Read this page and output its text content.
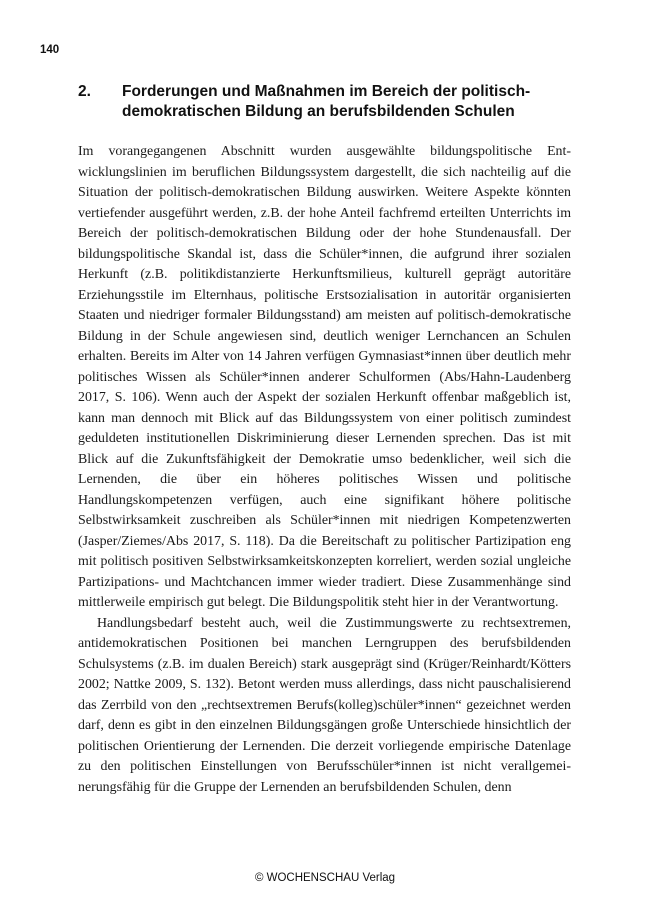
140
2. Forderungen und Maßnahmen im Bereich der politisch-demokratischen Bildung an berufsbildenden Schulen

Im vorangegangenen Abschnitt wurden ausgewählte bildungspolitische Entwicklungslinien im beruflichen Bildungssystem dargestellt, die sich nachteilig auf die Situation der politisch-demokratischen Bildung auswirken. Weitere Aspekte könnten vertiefender ausgeführt werden, z.B. der hohe Anteil fachfremd erteilten Unterrichts im Bereich der politisch-demokratischen Bildung oder der hohe Stundenausfall. Der bildungspolitische Skandal ist, dass die Schüler*innen, die aufgrund ihrer sozialen Herkunft (z.B. politikdistanzierte Herkunftsmilieus, kulturell geprägt autoritäre Erziehungsstile im Elternhaus, politische Erstsozialisation in autoritär organisierten Staaten und niedriger formaler Bildungsstand) am meisten auf politisch-demokratische Bildung in der Schule angewiesen sind, deutlich weniger Lernchancen an Schulen erhalten. Bereits im Alter von 14 Jahren verfügen Gymnasiast*innen über deutlich mehr politisches Wissen als Schüler*innen anderer Schulformen (Abs/Hahn-Laudenberg 2017, S. 106). Wenn auch der Aspekt der sozialen Herkunft offenbar maßgeblich ist, kann man dennoch mit Blick auf das Bildungssystem von einer politisch zumindest geduldeten institutionellen Diskriminierung dieser Lernenden sprechen. Das ist mit Blick auf die Zukunftsfähigkeit der Demokratie umso bedenklicher, weil sich die Lernenden, die über ein höheres politisches Wissen und politische Handlungskompetenzen verfügen, auch eine signifikant höhere politische Selbstwirksamkeit zuschreiben als Schüler*innen mit niedrigen Kompetenzwerten (Jasper/Ziemes/Abs 2017, S. 118). Da die Bereitschaft zu politischer Partizipation eng mit politisch positiven Selbstwirksamkeitskonzepten korreliert, werden sozial ungleiche Partizipations- und Machtchancen immer wieder tradiert. Diese Zusammenhänge sind mittlerweile empirisch gut belegt. Die Bildungspolitik steht hier in der Verantwortung.

Handlungsbedarf besteht auch, weil die Zustimmungswerte zu rechtsextremen, antidemokratischen Positionen bei manchen Lerngruppen des berufsbildenden Schulsystems (z.B. im dualen Bereich) stark ausgeprägt sind (Krüger/Reinhardt/Kötters 2002; Nattke 2009, S. 132). Betont werden muss allerdings, dass nicht pauschalisierend das Zerrbild von den „rechtsextremen Berufs(kolleg)schüler*innen“ gezeichnet werden darf, denn es gibt in den einzelnen Bildungsgängen große Unterschiede hinsichtlich der politischen Orientierung der Lernenden. Die derzeit vorliegende empirische Datenlage zu den politischen Einstellungen von Berufsschüler*innen ist nicht verallgemeinerungsfähig für die Gruppe der Lernenden an berufsbildenden Schulen, denn

© WOCHENSCHAU Verlag
